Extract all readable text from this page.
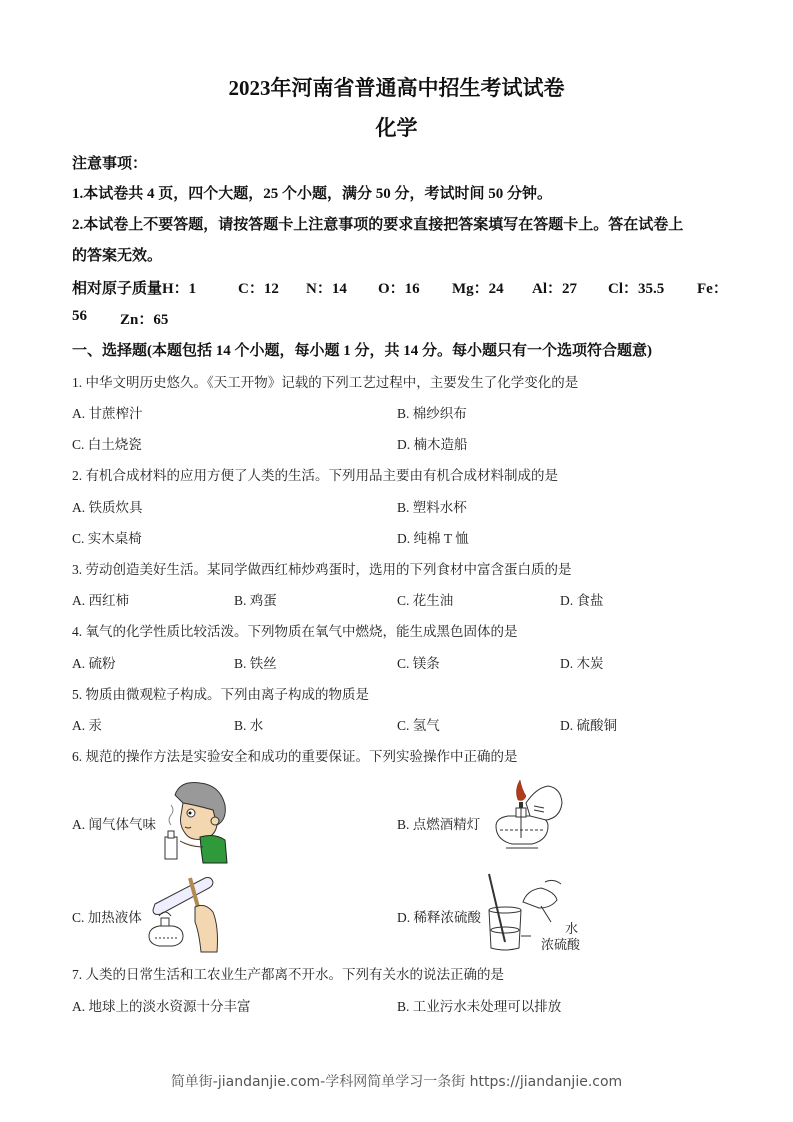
2023年河南省普通高中招生考试试卷
化学
注意事项：
1.本试卷共 4 页，四个大题，25 个小题，满分 50 分，考试时间 50 分钟。
2.本试卷上不要答题，请按答题卡上注意事项的要求直接把答案填写在答题卡上。答在试卷上
的答案无效。
相对原子质量 H：1	C：12 N：14 O：16 Mg：24 Al：27 Cl：35.5 Fe：
56 Zn：65
一、选择题(本题包括 14 个小题，每小题 1 分，共 14 分。每小题只有一个选项符合题意)
1. 中华文明历史悠久。《天工开物》记载的下列工艺过程中，主要发生了化学变化的是
A. 甘蔗榨汁	B. 棉纱织布
C. 白土烧瓷	D. 楠木造船
2. 有机合成材料的应用方便了人类的生活。下列用品主要由有机合成材料制成的是
A. 铁质炊具	B. 塑料水杯
C. 实木桌椅	D. 纯棉 T 恤
3. 劳动创造美好生活。某同学做西红柿炒鸡蛋时，选用的下列食材中富含蛋白质的是
A. 西红柿	B. 鸡蛋	C. 花生油	D. 食盐
4. 氧气的化学性质比较活泼。下列物质在氧气中燃烧，能生成黑色固体的是
A. 硫粉	B. 铁丝	C. 镁条	D. 木炭
5. 物质由微观粒子构成。下列由离子构成的物质是
A. 汞	B. 水	C. 氢气	D. 硫酸铜
6. 规范的操作方法是实验安全和成功的重要保证。下列实验操作中正确的是
A. 闻气体气味	B. 点燃酒精灯
C. 加热液体	D. 稀释浓硫酸
水
浓硫酸
7. 人类的日常生活和工农业生产都离不开水。下列有关水的说法正确的是
A. 地球上的淡水资源十分丰富	B. 工业污水未处理可以排放
简单街-jiandanjie.com-学科网简单学习一条街 https://jiandanjie.com
